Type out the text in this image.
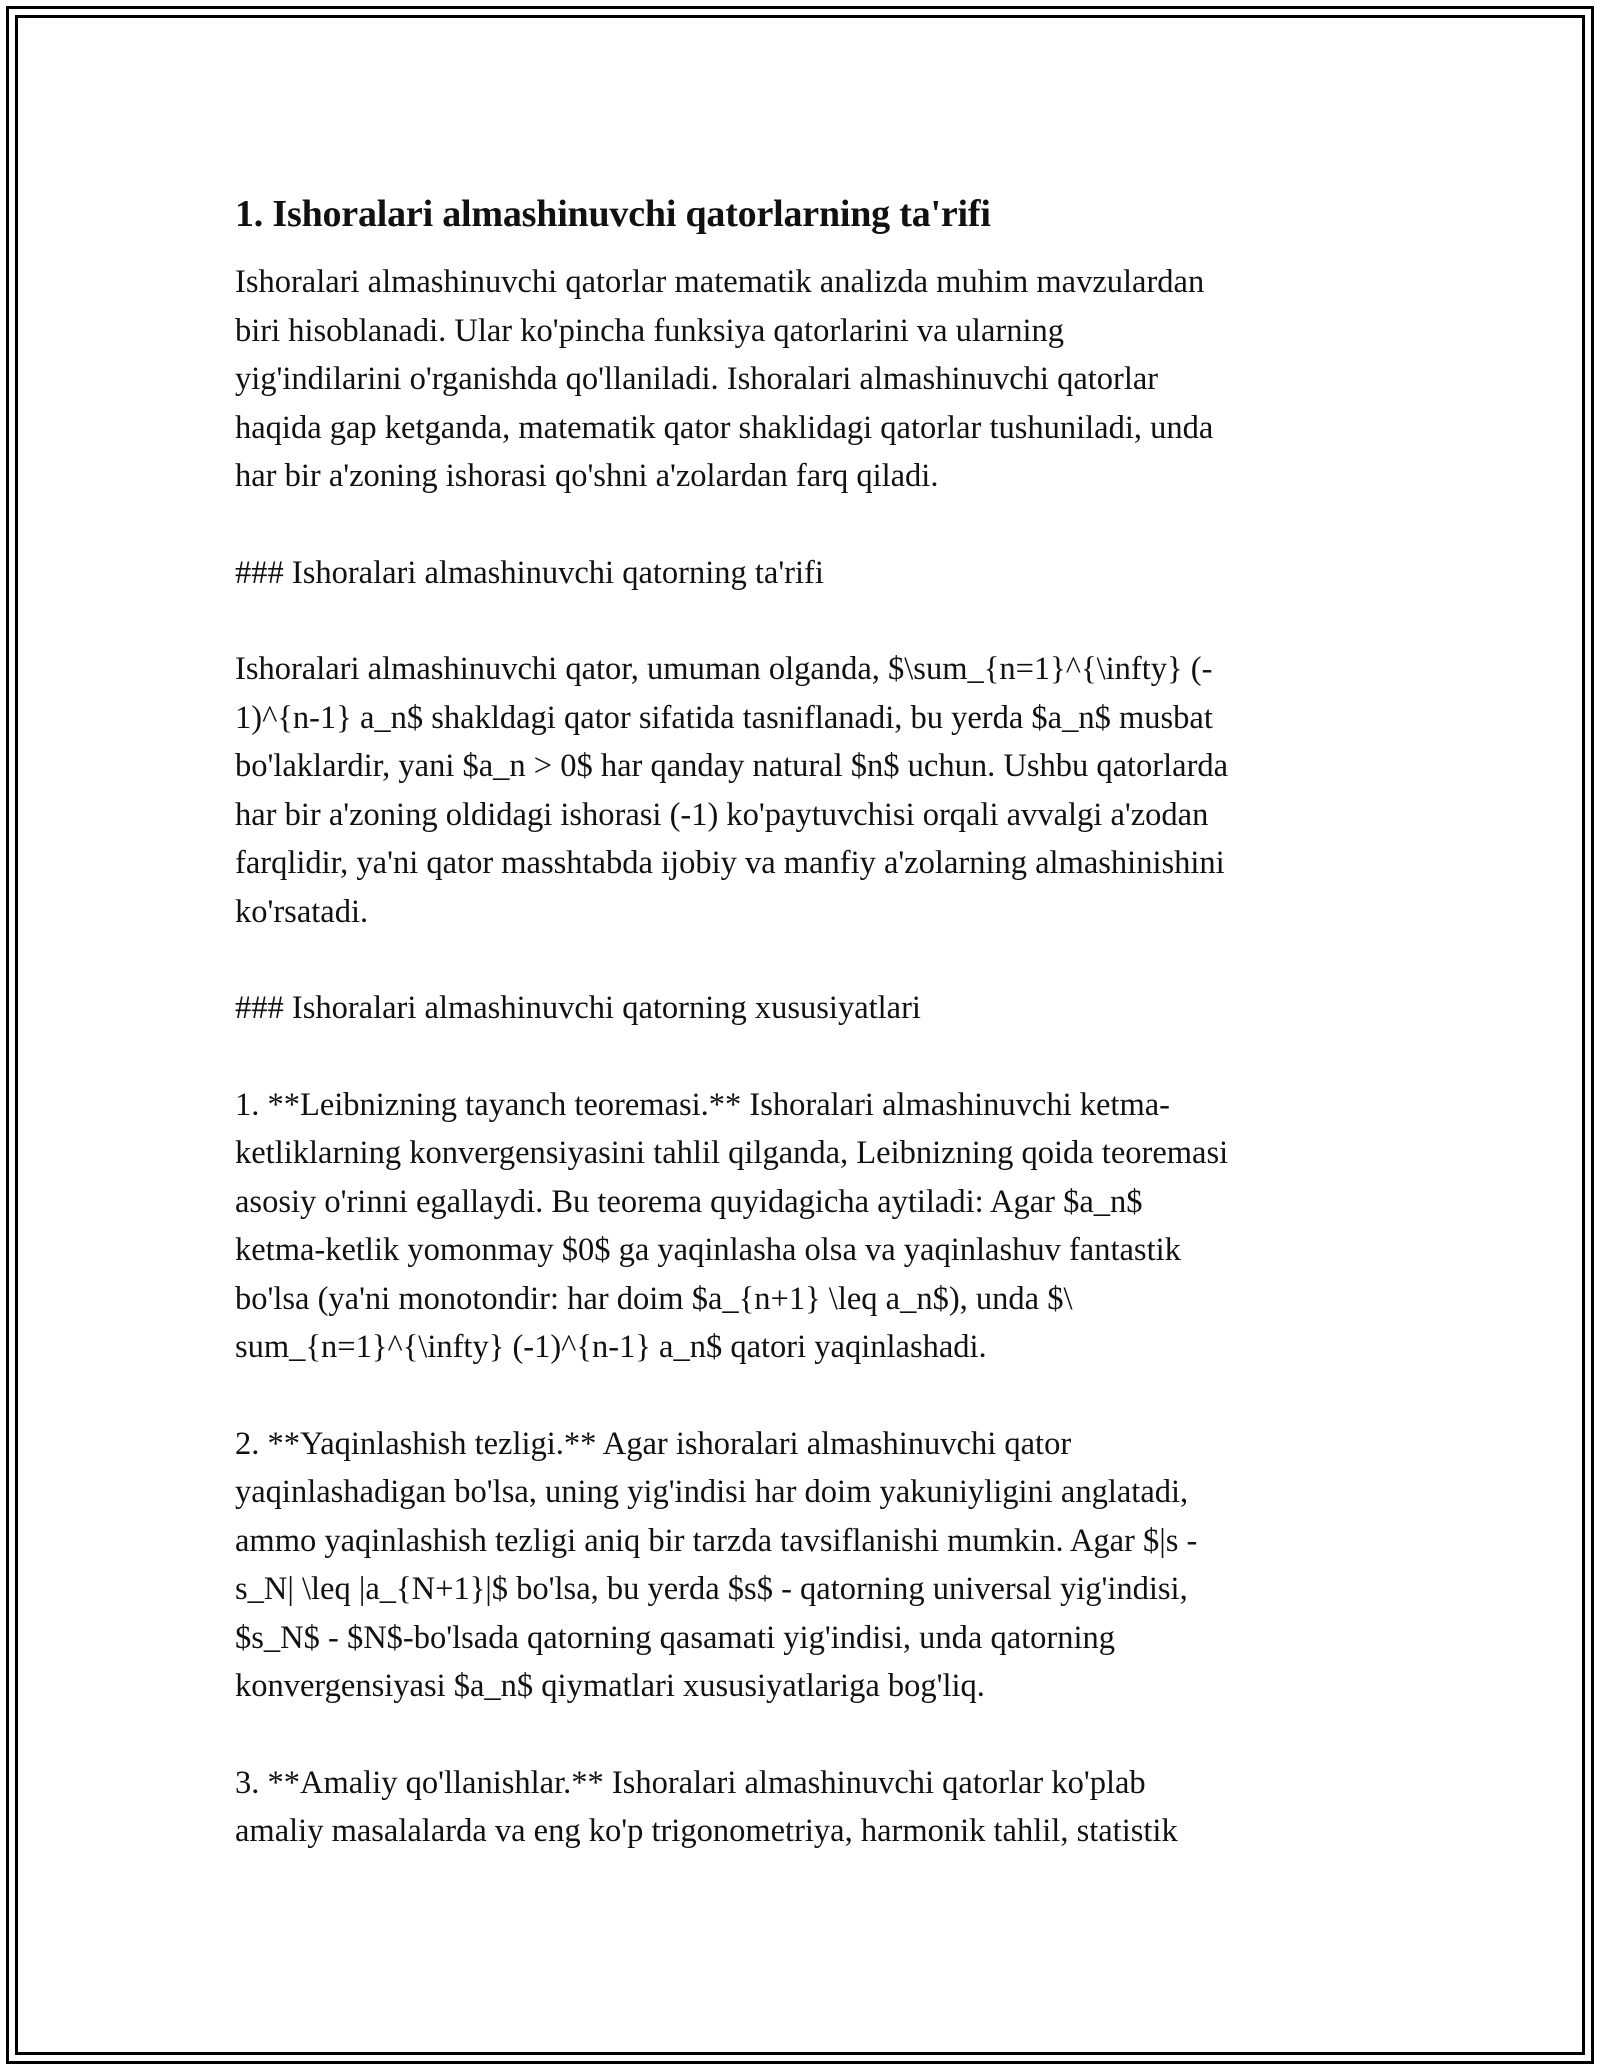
1. Ishoralari almashinuvchi qatorlarning ta'rifi

Ishoralari almashinuvchi qatorlar matematik analizda muhim mavzulardan
biri hisoblanadi. Ular ko'pincha funksiya qatorlarini va ularning
yig'indilarini o'rganishda qo'llaniladi. Ishoralari almashinuvchi qatorlar
haqida gap ketganda, matematik qator shaklidagi qatorlar tushuniladi, unda
har bir a'zoning ishorasi qo'shni a'zolardan farq qiladi.

### Ishoralari almashinuvchi qatorning ta'rifi

Ishoralari almashinuvchi qator, umuman olganda, $\sum_{n=1}^{\infty} (-
1)^{n-1} a_n$ shakldagi qator sifatida tasniflanadi, bu yerda $a_n$ musbat
bo'laklardir, yani $a_n > 0$ har qanday natural $n$ uchun. Ushbu qatorlarda
har bir a'zoning oldidagi ishorasi (-1) ko'paytuvchisi orqali avvalgi a'zodan
farqlidir, ya'ni qator masshtabda ijobiy va manfiy a'zolarning almashinishini
ko'rsatadi.

### Ishoralari almashinuvchi qatorning xususiyatlari

1. **Leibnizning tayanch teoremasi.** Ishoralari almashinuvchi ketma-
ketliklarning konvergensiyasini tahlil qilganda, Leibnizning qoida teoremasi
asosiy o'rinni egallaydi. Bu teorema quyidagicha aytiladi: Agar $a_n$
ketma-ketlik yomonmay $0$ ga yaqinlasha olsa va yaqinlashuv fantastik
bo'lsa (ya'ni monotondir: har doim $a_{n+1} \leq a_n$), unda $\
sum_{n=1}^{\infty} (-1)^{n-1} a_n$ qatori yaqinlashadi.

2. **Yaqinlashish tezligi.** Agar ishoralari almashinuvchi qator
yaqinlashadigan bo'lsa, uning yig'indisi har doim yakuniyligini anglatadi,
ammo yaqinlashish tezligi aniq bir tarzda tavsiflanishi mumkin. Agar $|s -
s_N| \leq |a_{N+1}|$ bo'lsa, bu yerda $s$ - qatorning universal yig'indisi,
$s_N$ - $N$-bo'lsada qatorning qasamati yig'indisi, unda qatorning
konvergensiyasi $a_n$ qiymatlari xususiyatlariga bog'liq.

3. **Amaliy qo'llanishlar.** Ishoralari almashinuvchi qatorlar ko'plab
amaliy masalalarda va eng ko'p trigonometriya, harmonik tahlil, statistik
